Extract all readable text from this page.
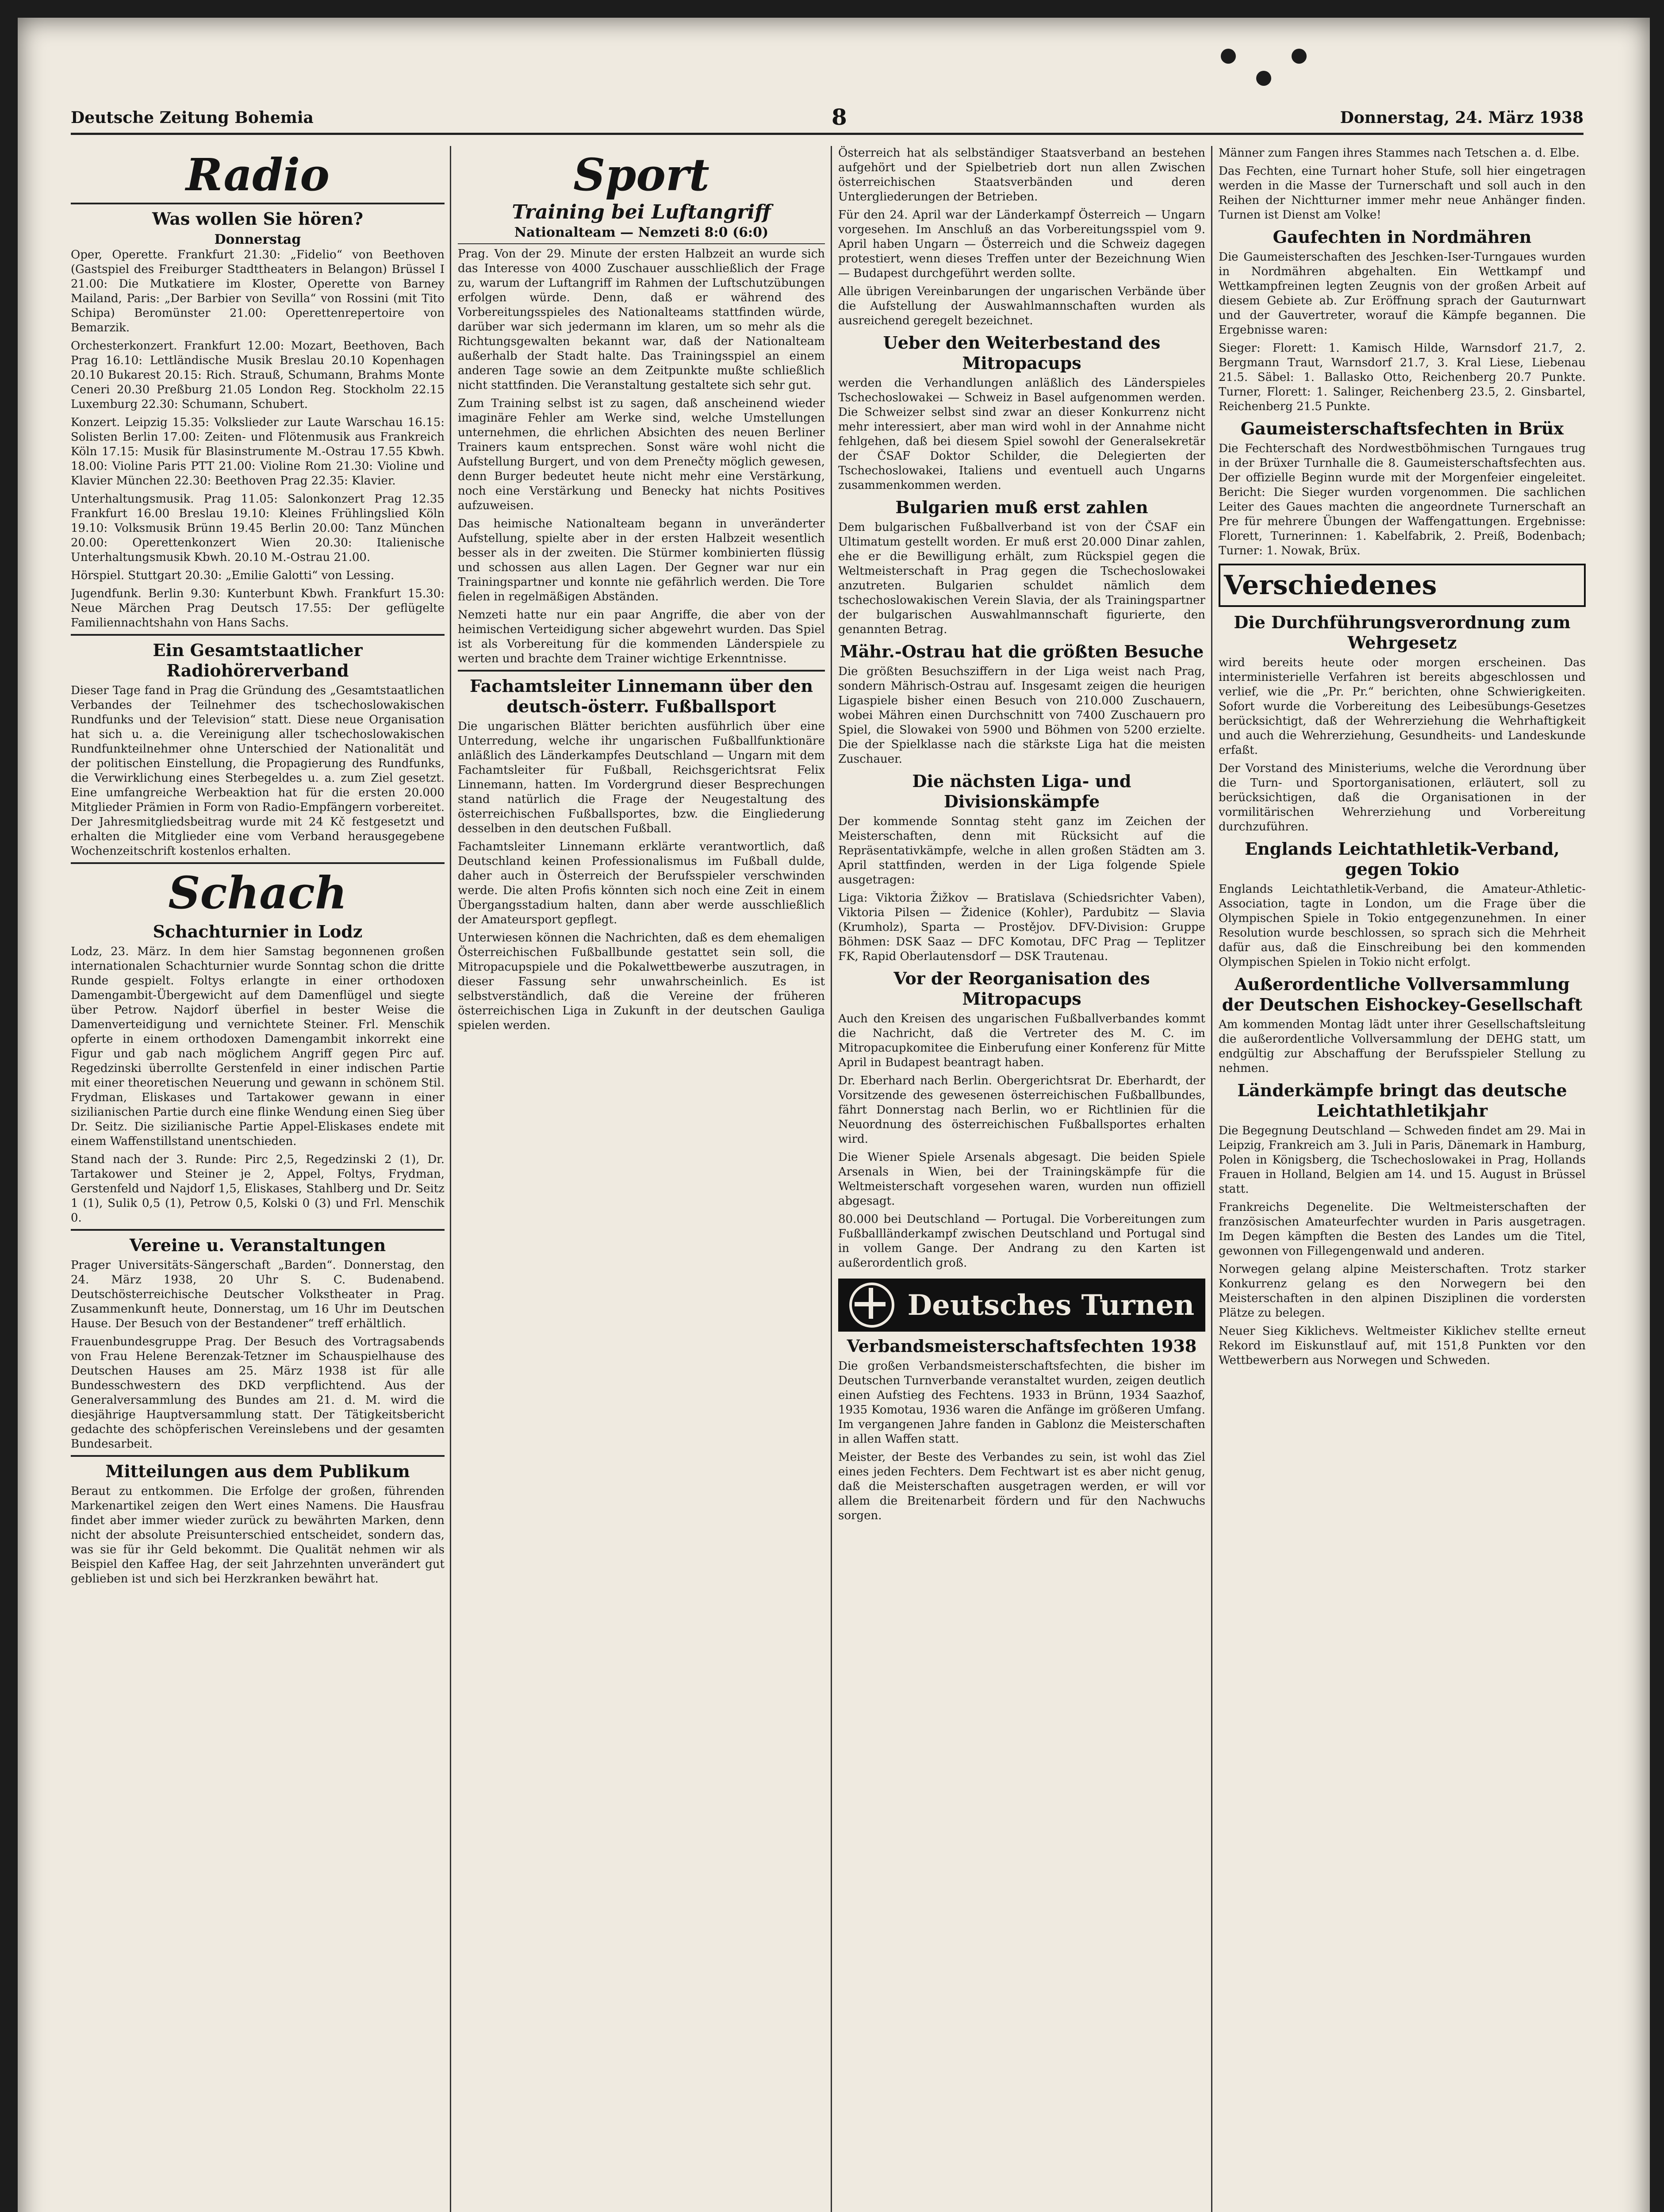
Deutsche Zeitung Bohemia	8	Donnerstag, 24. März 1938
Radio
Was wollen Sie hören?
Donnerstag

Oper, Operette. Frankfurt 21.30: „Fidelio“ von Beethoven (Gastspiel des Freiburger Stadttheaters in Belangon) Brüssel I 21.00: Die Mutkatiere im Kloster, Operette von Barney Mailand, Paris: „Der Barbier von Sevilla“ von Rossini (mit Tito Schipa) Beromünster 21.00: Operettenrepertoire von Bemarzik.

Orchesterkonzert. Frankfurt 12.00: Mozart, Beethoven, Bach Prag 16.10: Lettländische Musik Breslau 20.10 Kopenhagen 20.10 Bukarest 20.15: Rich. Strauß, Schumann, Brahms Monte Ceneri 20.30 Preßburg 21.05 London Reg. Stockholm 22.15 Luxemburg 22.30: Schumann, Schubert.

Konzert. Leipzig 15.35: Volkslieder zur Laute Warschau 16.15: Solisten Berlin 17.00: Zeiten- und Flötenmusik aus Frankreich Köln 17.15: Musik für Blasinstrumente M.-Ostrau 17.55 Kbwh. 18.00: Violine Paris PTT 21.00: Violine Rom 21.30: Violine und Klavier München 22.30: Beethoven Prag 22.35: Klavier.

Unterhaltungsmusik. Prag 11.05: Salonkonzert Prag 12.35 Frankfurt 16.00 Breslau 19.10: Kleines Frühlingslied Köln 19.10: Volksmusik Brünn 19.45 Berlin 20.00: Tanz München 20.00: Operettenkonzert Wien 20.30: Italienische Unterhaltungsmusik Kbwh. 20.10 M.-Ostrau 21.00.

Hörspiel. Stuttgart 20.30: „Emilie Galotti“ von Lessing.

Jugendfunk. Berlin 9.30: Kunterbunt Kbwh. Frankfurt 15.30: Neue Märchen Prag Deutsch 17.55: Der geflügelte Familiennachtshahn von Hans Sachs.

Ein Gesamtstaatlicher Radiohörerverband

Dieser Tage fand in Prag die Gründung des „Gesamtstaatlichen Verbandes der Teilnehmer des tschechoslowakischen Rundfunks und der Television“ statt. Diese neue Organisation hat sich u. a. die Vereinigung aller tschechoslowakischen Rundfunkteilnehmer ohne Unterschied der Nationalität und der politischen Einstellung, die Propagierung des Rundfunks, die Verwirklichung eines Sterbegeldes u. a. zum Ziel gesetzt. Eine umfangreiche Werbeaktion hat für die ersten 20.000 Mitglieder Prämien in Form von Radio-Empfängern vorbereitet. Der Jahresmitgliedsbeitrag wurde mit 24 Kč festgesetzt und erhalten die Mitglieder eine vom Verband herausgegebene Wochenzeitschrift kostenlos erhalten.

Schach
Schachturnier in Lodz

Lodz, 23. März. In dem hier Samstag begonnenen großen internationalen Schachturnier wurde Sonntag schon die dritte Runde gespielt. Foltys erlangte in einer orthodoxen Damengambit-Übergewicht auf dem Damenflügel und siegte über Petrow. Najdorf überfiel in bester Weise die Damenverteidigung und vernichtete Steiner. Frl. Menschik opferte in einem orthodoxen Damengambit inkorrekt eine Figur und gab nach möglichem Angriff gegen Pirc auf. Regedzinski überrollte Gerstenfeld in einer indischen Partie mit einer theoretischen Neuerung und gewann in schönem Stil. Frydman, Eliskases und Tartakower gewann in einer sizilianischen Partie durch eine flinke Wendung einen Sieg über Dr. Seitz. Die sizilianische Partie Appel-Eliskases endete mit einem Waffenstillstand unentschieden.

Stand nach der 3. Runde: Pirc 2,5, Regedzinski 2 (1), Dr. Tartakower und Steiner je 2, Appel, Foltys, Frydman, Gerstenfeld und Najdorf 1,5, Eliskases, Stahlberg und Dr. Seitz 1 (1), Sulik 0,5 (1), Petrow 0,5, Kolski 0 (3) und Frl. Menschik 0.

Vereine u. Veranstaltungen

Prager Universitäts-Sängerschaft „Barden“. Donnerstag, den 24. März 1938, 20 Uhr S. C. Budenabend. Deutschösterreichische Deutscher Volkstheater in Prag. Zusammenkunft heute, Donnerstag, um 16 Uhr im Deutschen Hause. Der Besuch von der Bestandener“ treff erhältlich.

Frauenbundesgruppe Prag. Der Besuch des Vortragsabends von Frau Helene Berenzak-Tetzner im Schauspielhause des Deutschen Hauses am 25. März 1938 ist für alle Bundesschwestern des DKD verpflichtend. Aus der Generalversammlung des Bundes am 21. d. M. wird die diesjährige Hauptversammlung statt. Der Tätigkeitsbericht gedachte des schöpferischen Vereinslebens und der gesamten Bundesarbeit.

Mitteilungen aus dem Publikum

Beraut zu entkommen. Die Erfolge der großen, führenden Markenartikel zeigen den Wert eines Namens. Die Hausfrau findet aber immer wieder zurück zu bewährten Marken, denn nicht der absolute Preisunterschied entscheidet, sondern das, was sie für ihr Geld bekommt. Die Qualität nehmen wir als Beispiel den Kaffee Hag, der seit Jahrzehnten unverändert gut geblieben ist und sich bei Herzkranken bewährt hat.

Sport
Training bei Luftangriff
Nationalteam — Nemzeti 8:0 (6:0)

Prag. Von der 29. Minute der ersten Halbzeit an wurde sich das Interesse von 4000 Zuschauer ausschließlich der Frage zu, warum der Luftangriff im Rahmen der Luftschutzübungen erfolgen würde. Denn, daß er während des Vorbereitungsspieles des Nationalteams stattfinden würde, darüber war sich jedermann im klaren, um so mehr als die Richtungsgewalten bekannt war, daß der Nationalteam außerhalb der Stadt halte. Das Trainingsspiel an einem anderen Tage sowie an dem Zeitpunkte mußte schließlich nicht stattfinden. Die Veranstaltung gestaltete sich sehr gut.

Zum Training selbst ist zu sagen, daß anscheinend wieder imaginäre Fehler am Werke sind, welche Umstellungen unternehmen, die ehrlichen Absichten des neuen Berliner Trainers kaum entsprechen. Sonst wäre wohl nicht die Aufstellung Burgert, und von dem Prenečty möglich gewesen, denn Burger bedeutet heute nicht mehr eine Verstärkung, noch eine Verstärkung und Benecky hat nichts Positives aufzuweisen.

Das heimische Nationalteam begann in unveränderter Aufstellung, spielte aber in der ersten Halbzeit wesentlich besser als in der zweiten. Die Stürmer kombinierten flüssig und schossen aus allen Lagen. Der Gegner war nur ein Trainingspartner und konnte nie gefährlich werden. Die Tore fielen in regelmäßigen Abständen.

Nemzeti hatte nur ein paar Angriffe, die aber von der heimischen Verteidigung sicher abgewehrt wurden. Das Spiel ist als Vorbereitung für die kommenden Länderspiele zu werten und brachte dem Trainer wichtige Erkenntnisse.

Fachamtsleiter Linnemann über den deutsch-österr. Fußballsport

Die ungarischen Blätter berichten ausführlich über eine Unterredung, welche ihr ungarischen Fußballfunktionäre anläßlich des Länderkampfes Deutschland — Ungarn mit dem Fachamtsleiter für Fußball, Reichsgerichtsrat Felix Linnemann, hatten. Im Vordergrund dieser Besprechungen stand natürlich die Frage der Neugestaltung des österreichischen Fußballsportes, bzw. die Eingliederung desselben in den deutschen Fußball.

Fachamtsleiter Linnemann erklärte verantwortlich, daß Deutschland keinen Professionalismus im Fußball dulde, daher auch in Österreich der Berufsspieler verschwinden werde. Die alten Profis könnten sich noch eine Zeit in einem Übergangsstadium halten, dann aber werde ausschließlich der Amateursport gepflegt.

Unterwiesen können die Nachrichten, daß es dem ehemaligen Österreichischen Fußballbunde gestattet sein soll, die Mitropacupspiele und die Pokalwettbewerbe auszutragen, in dieser Fassung sehr unwahrscheinlich. Es ist selbstverständlich, daß die Vereine der früheren österreichischen Liga in Zukunft in der deutschen Gauliga spielen werden.

Österreich hat als selbständiger Staatsverband an bestehen aufgehört und der Spielbetrieb dort nun allen Zwischen österreichischen Staatsverbänden und deren Untergliederungen der Betrieben.

Für den 24. April war der Länderkampf Österreich — Ungarn vorgesehen. Im Anschluß an das Vorbereitungsspiel vom 9. April haben Ungarn — Österreich und die Schweiz dagegen protestiert, wenn dieses Treffen unter der Bezeichnung Wien — Budapest durchgeführt werden sollte.

Alle übrigen Vereinbarungen der ungarischen Verbände über die Aufstellung der Auswahlmannschaften wurden als ausreichend geregelt bezeichnet.

Ueber den Weiterbestand des Mitropacups

werden die Verhandlungen anläßlich des Länderspieles Tschechoslowakei — Schweiz in Basel aufgenommen werden. Die Schweizer selbst sind zwar an dieser Konkurrenz nicht mehr interessiert, aber man wird wohl in der Annahme nicht fehlgehen, daß bei diesem Spiel sowohl der Generalsekretär der ČSAF Doktor Schilder, die Delegierten der Tschechoslowakei, Italiens und eventuell auch Ungarns zusammenkommen werden.

Bulgarien muß erst zahlen

Dem bulgarischen Fußballverband ist von der ČSAF ein Ultimatum gestellt worden. Er muß erst 20.000 Dinar zahlen, ehe er die Bewilligung erhält, zum Rückspiel gegen die Weltmeisterschaft in Prag gegen die Tschechoslowakei anzutreten. Bulgarien schuldet nämlich dem tschechoslowakischen Verein Slavia, der als Trainingspartner der bulgarischen Auswahlmannschaft figurierte, den genannten Betrag.

Mähr.-Ostrau hat die größten Besuche

Die größten Besuchsziffern in der Liga weist nach Prag, sondern Mährisch-Ostrau auf. Insgesamt zeigen die heurigen Ligaspiele bisher einen Besuch von 210.000 Zuschauern, wobei Mähren einen Durchschnitt von 7400 Zuschauern pro Spiel, die Slowakei von 5900 und Böhmen von 5200 erzielte. Die der Spielklasse nach die stärkste Liga hat die meisten Zuschauer.

Die nächsten Liga- und Divisionskämpfe

Der kommende Sonntag steht ganz im Zeichen der Meisterschaften, denn mit Rücksicht auf die Repräsentativkämpfe, welche in allen großen Städten am 3. April stattfinden, werden in der Liga folgende Spiele ausgetragen:

Liga: Viktoria Žižkov — Bratislava (Schiedsrichter Vaben), Viktoria Pilsen — Židenice (Kohler), Pardubitz — Slavia (Krumholz), Sparta — Prostějov. DFV-Division: Gruppe Böhmen: DSK Saaz — DFC Komotau, DFC Prag — Teplitzer FK, Rapid Oberlautensdorf — DSK Trautenau.

Vor der Reorganisation des Mitropacups

Auch den Kreisen des ungarischen Fußballverbandes kommt die Nachricht, daß die Vertreter des M. C. im Mitropacupkomitee die Einberufung einer Konferenz für Mitte April in Budapest beantragt haben.

Dr. Eberhard nach Berlin. Obergerichtsrat Dr. Eberhardt, der Vorsitzende des gewesenen österreichischen Fußballbundes, fährt Donnerstag nach Berlin, wo er Richtlinien für die Neuordnung des österreichischen Fußballsportes erhalten wird.

Die Wiener Spiele Arsenals abgesagt. Die beiden Spiele Arsenals in Wien, bei der Trainingskämpfe für die Weltmeisterschaft vorgesehen waren, wurden nun offiziell abgesagt.

80.000 bei Deutschland — Portugal. Die Vorbereitungen zum Fußballländerkampf zwischen Deutschland und Portugal sind in vollem Gange. Der Andrang zu den Karten ist außerordentlich groß.

Deutsches Turnen
Verbandsmeisterschaftsfechten 1938

Die großen Verbandsmeisterschaftsfechten, die bisher im Deutschen Turnverbande veranstaltet wurden, zeigen deutlich einen Aufstieg des Fechtens. 1933 in Brünn, 1934 Saazhof, 1935 Komotau, 1936 waren die Anfänge im größeren Umfang. Im vergangenen Jahre fanden in Gablonz die Meisterschaften in allen Waffen statt.

Meister, der Beste des Verbandes zu sein, ist wohl das Ziel eines jeden Fechters. Dem Fechtwart ist es aber nicht genug, daß die Meisterschaften ausgetragen werden, er will vor allem die Breitenarbeit fördern und für den Nachwuchs sorgen.

Männer zum Fangen ihres Stammes nach Tetschen a. d. Elbe.

Das Fechten, eine Turnart hoher Stufe, soll hier eingetragen werden in die Masse der Turnerschaft und soll auch in den Reihen der Nichtturner immer mehr neue Anhänger finden. Turnen ist Dienst am Volke!

Gaufechten in Nordmähren

Die Gaumeisterschaften des Jeschken-Iser-Turngaues wurden in Nordmähren abgehalten. Ein Wettkampf und Wettkampfreinen legten Zeugnis von der großen Arbeit auf diesem Gebiete ab. Zur Eröffnung sprach der Gauturnwart und der Gauvertreter, worauf die Kämpfe begannen. Die Ergebnisse waren:

Sieger: Florett: 1. Kamisch Hilde, Warnsdorf 21.7, 2. Bergmann Traut, Warnsdorf 21.7, 3. Kral Liese, Liebenau 21.5. Säbel: 1. Ballasko Otto, Reichenberg 20.7 Punkte. Turner, Florett: 1. Salinger, Reichenberg 23.5, 2. Ginsbartel, Reichenberg 21.5 Punkte.

Gaumeisterschaftsfechten in Brüx

Die Fechterschaft des Nordwestböhmischen Turngaues trug in der Brüxer Turnhalle die 8. Gaumeisterschaftsfechten aus. Der offizielle Beginn wurde mit der Morgenfeier eingeleitet. Bericht: Die Sieger wurden vorgenommen. Die sachlichen Leiter des Gaues machten die angeordnete Turnerschaft an Pre für mehrere Übungen der Waffengattungen. Ergebnisse: Florett, Turnerinnen: 1. Kabelfabrik, 2. Preiß, Bodenbach; Turner: 1. Nowak, Brüx.

Verschiedenes
Die Durchführungsverordnung zum Wehrgesetz

wird bereits heute oder morgen erscheinen. Das interministerielle Verfahren ist bereits abgeschlossen und verlief, wie die „Pr. Pr.“ berichten, ohne Schwierigkeiten. Sofort wurde die Vorbereitung des Leibesübungs-Gesetzes berücksichtigt, daß der Wehrerziehung die Wehrhaftigkeit und auch die Wehrerziehung, Gesundheits- und Landeskunde erfaßt.

Der Vorstand des Ministeriums, welche die Verordnung über die Turn- und Sportorganisationen, erläutert, soll zu berücksichtigen, daß die Organisationen in der vormilitärischen Wehrerziehung und Vorbereitung durchzuführen.

Englands Leichtathletik-Verband, gegen Tokio

Englands Leichtathletik-Verband, die Amateur-Athletic-Association, tagte in London, um die Frage über die Olympischen Spiele in Tokio entgegenzunehmen. In einer Resolution wurde beschlossen, so sprach sich die Mehrheit dafür aus, daß die Einschreibung bei den kommenden Olympischen Spielen in Tokio nicht erfolgt.

Außerordentliche Vollversammlung der Deutschen Eishockey-Gesellschaft

Am kommenden Montag lädt unter ihrer Gesellschaftsleitung die außerordentliche Vollversammlung der DEHG statt, um endgültig zur Abschaffung der Berufsspieler Stellung zu nehmen.

Länderkämpfe bringt das deutsche Leichtathletikjahr

Die Begegnung Deutschland — Schweden findet am 29. Mai in Leipzig, Frankreich am 3. Juli in Paris, Dänemark in Hamburg, Polen in Königsberg, die Tschechoslowakei in Prag, Hollands Frauen in Holland, Belgien am 14. und 15. August in Brüssel statt.

Frankreichs Degenelite. Die Weltmeisterschaften der französischen Amateurfechter wurden in Paris ausgetragen. Im Degen kämpften die Besten des Landes um die Titel, gewonnen von Fillegengenwald und anderen.

Norwegen gelang alpine Meisterschaften. Trotz starker Konkurrenz gelang es den Norwegern bei den Meisterschaften in den alpinen Disziplinen die vordersten Plätze zu belegen.

Neuer Sieg Kiklichevs. Weltmeister Kiklichev stellte erneut Rekord im Eiskunstlauf auf, mit 151,8 Punkten vor den Wettbewerbern aus Norwegen und Schweden.
